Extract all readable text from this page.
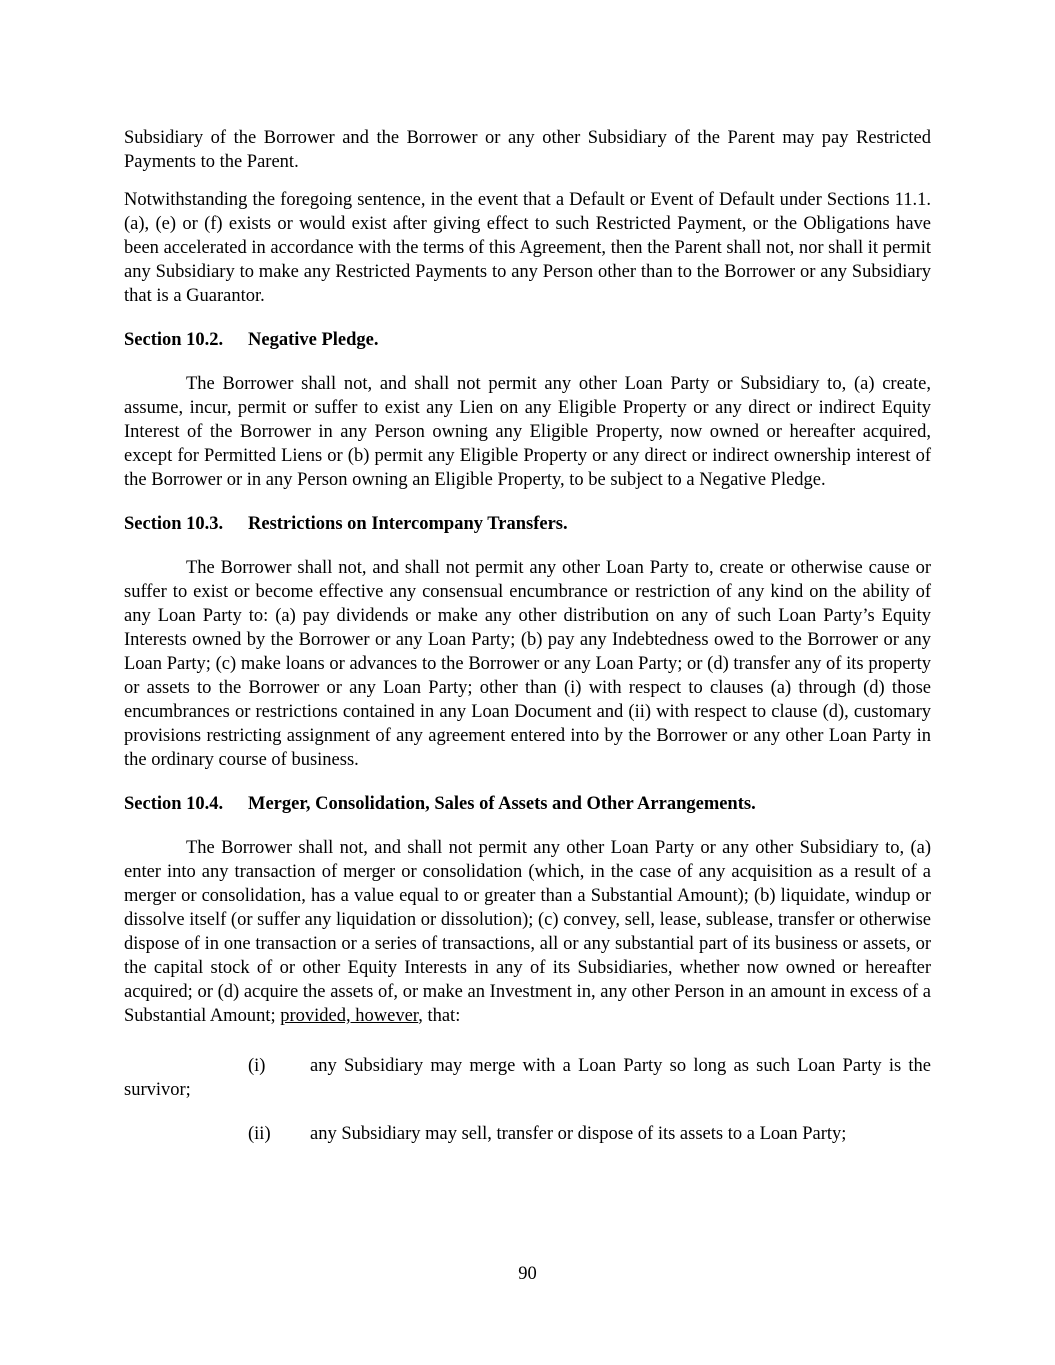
Subsidiary of the Borrower and the Borrower or any other Subsidiary of the Parent may pay Restricted Payments to the Parent.

Notwithstanding the foregoing sentence, in the event that a Default or Event of Default under Sections 11.1.(a), (e) or (f) exists or would exist after giving effect to such Restricted Payment, or the Obligations have been accelerated in accordance with the terms of this Agreement, then the Parent shall not, nor shall it permit any Subsidiary to make any Restricted Payments to any Person other than to the Borrower or any Subsidiary that is a Guarantor.

Section 10.2. Negative Pledge.

The Borrower shall not, and shall not permit any other Loan Party or Subsidiary to, (a) create, assume, incur, permit or suffer to exist any Lien on any Eligible Property or any direct or indirect Equity Interest of the Borrower in any Person owning any Eligible Property, now owned or hereafter acquired, except for Permitted Liens or (b) permit any Eligible Property or any direct or indirect ownership interest of the Borrower or in any Person owning an Eligible Property, to be subject to a Negative Pledge.

Section 10.3. Restrictions on Intercompany Transfers.

The Borrower shall not, and shall not permit any other Loan Party to, create or otherwise cause or suffer to exist or become effective any consensual encumbrance or restriction of any kind on the ability of any Loan Party to: (a) pay dividends or make any other distribution on any of such Loan Party’s Equity Interests owned by the Borrower or any Loan Party; (b) pay any Indebtedness owed to the Borrower or any Loan Party; (c) make loans or advances to the Borrower or any Loan Party; or (d) transfer any of its property or assets to the Borrower or any Loan Party; other than (i) with respect to clauses (a) through (d) those encumbrances or restrictions contained in any Loan Document and (ii) with respect to clause (d), customary provisions restricting assignment of any agreement entered into by the Borrower or any other Loan Party in the ordinary course of business.

Section 10.4. Merger, Consolidation, Sales of Assets and Other Arrangements.

The Borrower shall not, and shall not permit any other Loan Party or any other Subsidiary to, (a) enter into any transaction of merger or consolidation (which, in the case of any acquisition as a result of a merger or consolidation, has a value equal to or greater than a Substantial Amount); (b) liquidate, windup or dissolve itself (or suffer any liquidation or dissolution); (c) convey, sell, lease, sublease, transfer or otherwise dispose of in one transaction or a series of transactions, all or any substantial part of its business or assets, or the capital stock of or other Equity Interests in any of its Subsidiaries, whether now owned or hereafter acquired; or (d) acquire the assets of, or make an Investment in, any other Person in an amount in excess of a Substantial Amount; provided, however, that:

(i)	any Subsidiary may merge with a Loan Party so long as such Loan Party is the survivor;
(ii)	any Subsidiary may sell, transfer or dispose of its assets to a Loan Party;
90
